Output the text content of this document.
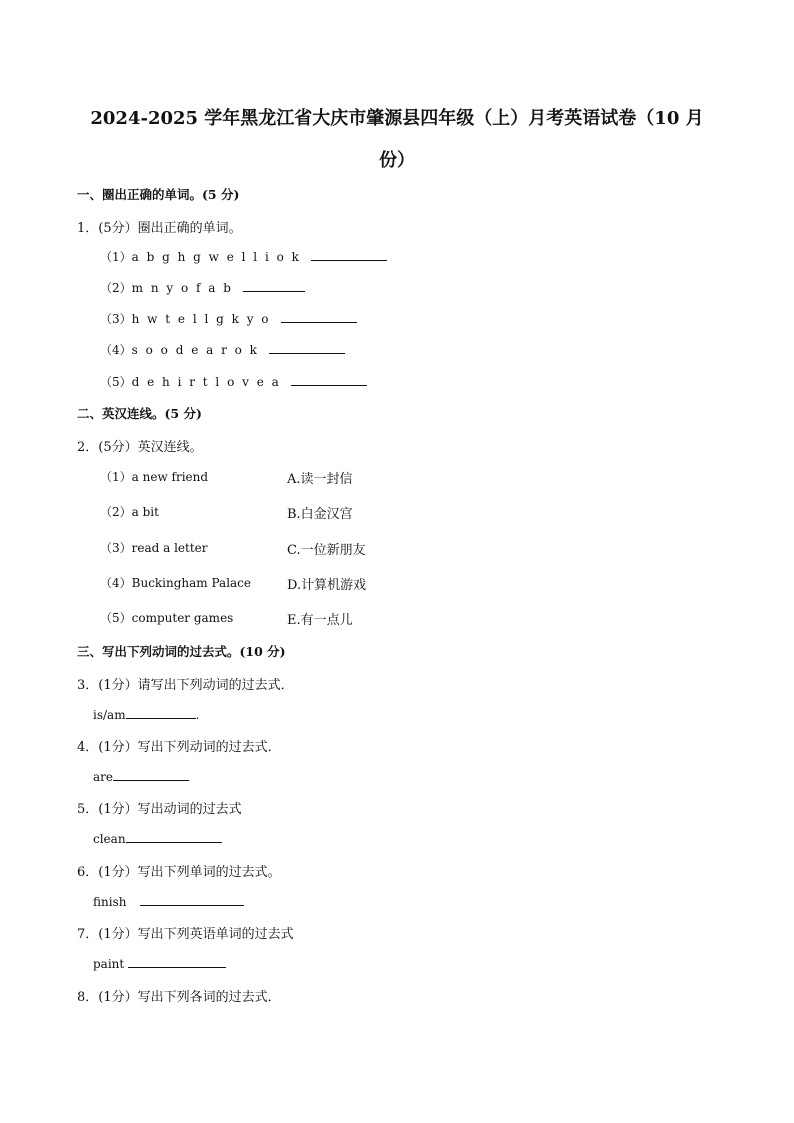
2024-2025 学年黑龙江省大庆市肇源县四年级（上）月考英语试卷（10 月
份）
一、圈出正确的单词。(5 分)
1．(5分）圈出正确的单词。
（1）a b g h g w e l l i o k
（2）m n y o f a b
（3）h w t e l l g k y o
（4）s o o d e a r o k
（5）d e h i r t l o v e a
二、英汉连线。(5 分)
2．(5分）英汉连线。
（1）a new friend	A.读一封信
（2）a bit	B.白金汉宫
（3）read a letter	C.一位新朋友
（4）Buckingham Palace	D.计算机游戏
（5）computer games	E.有一点儿
三、写出下列动词的过去式。(10 分)
3．(1分）请写出下列动词的过去式．
is/am	.
4．(1分）写出下列动词的过去式．
are
5．(1分）写出动词的过去式
clean
6．(1分）写出下列单词的过去式。
finish
7．(1分）写出下列英语单词的过去式
paint
8．(1分）写出下列各词的过去式．
